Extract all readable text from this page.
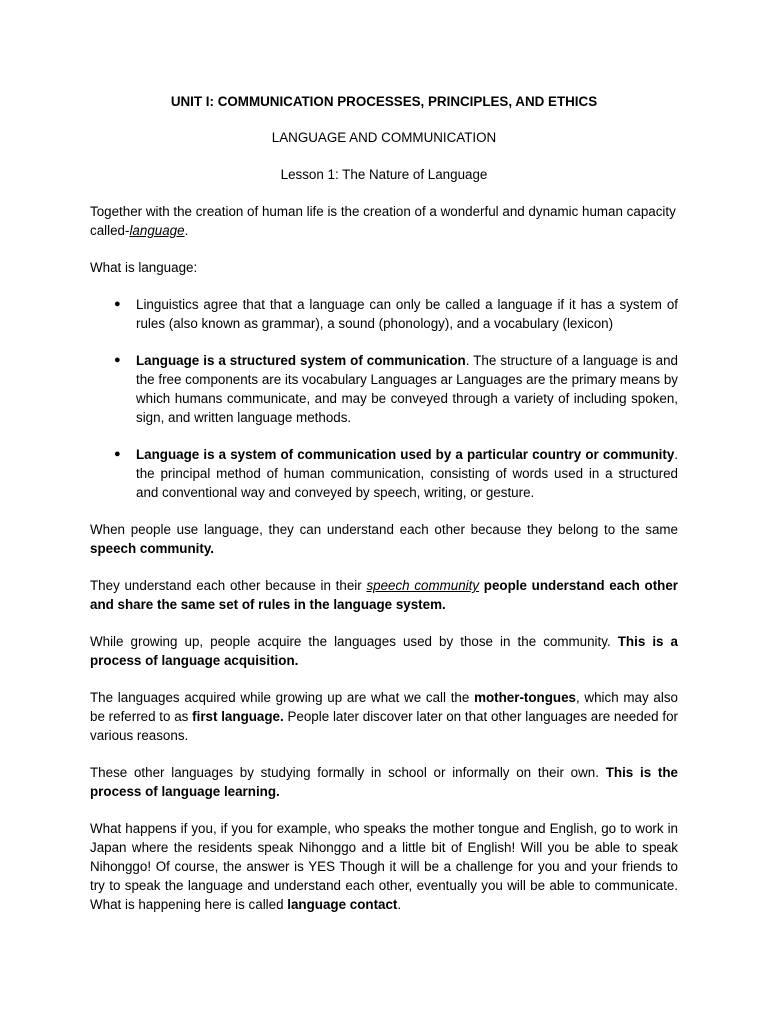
UNIT I: COMMUNICATION PROCESSES, PRINCIPLES, AND ETHICS
LANGUAGE AND COMMUNICATION
Lesson 1: The Nature of Language

Together with the creation of human life is the creation of a wonderful and dynamic human capacity called-language.

What is language:

● Linguistics agree that that a language can only be called a language if it has a system of rules (also known as grammar), a sound (phonology), and a vocabulary (lexicon)
● Language is a structured system of communication. The structure of a language is and the free components are its vocabulary Languages ar Languages are the primary means by which humans communicate, and may be conveyed through a variety of including spoken, sign, and written language methods.
● Language is a system of communication used by a particular country or community. the principal method of human communication, consisting of words used in a structured and conventional way and conveyed by speech, writing, or gesture.

When people use language, they can understand each other because they belong to the same speech community.

They understand each other because in their speech community people understand each other and share the same set of rules in the language system.

While growing up, people acquire the languages used by those in the community. This is a process of language acquisition.

The languages acquired while growing up are what we call the mother-tongues, which may also be referred to as first language. People later discover later on that other languages are needed for various reasons.

These other languages by studying formally in school or informally on their own. This is the process of language learning.

What happens if you, if you for example, who speaks the mother tongue and English, go to work in Japan where the residents speak Nihonggo and a little bit of English! Will you be able to speak Nihonggo! Of course, the answer is YES Though it will be a challenge for you and your friends to try to speak the language and understand each other, eventually you will be able to communicate. What is happening here is called language contact.
